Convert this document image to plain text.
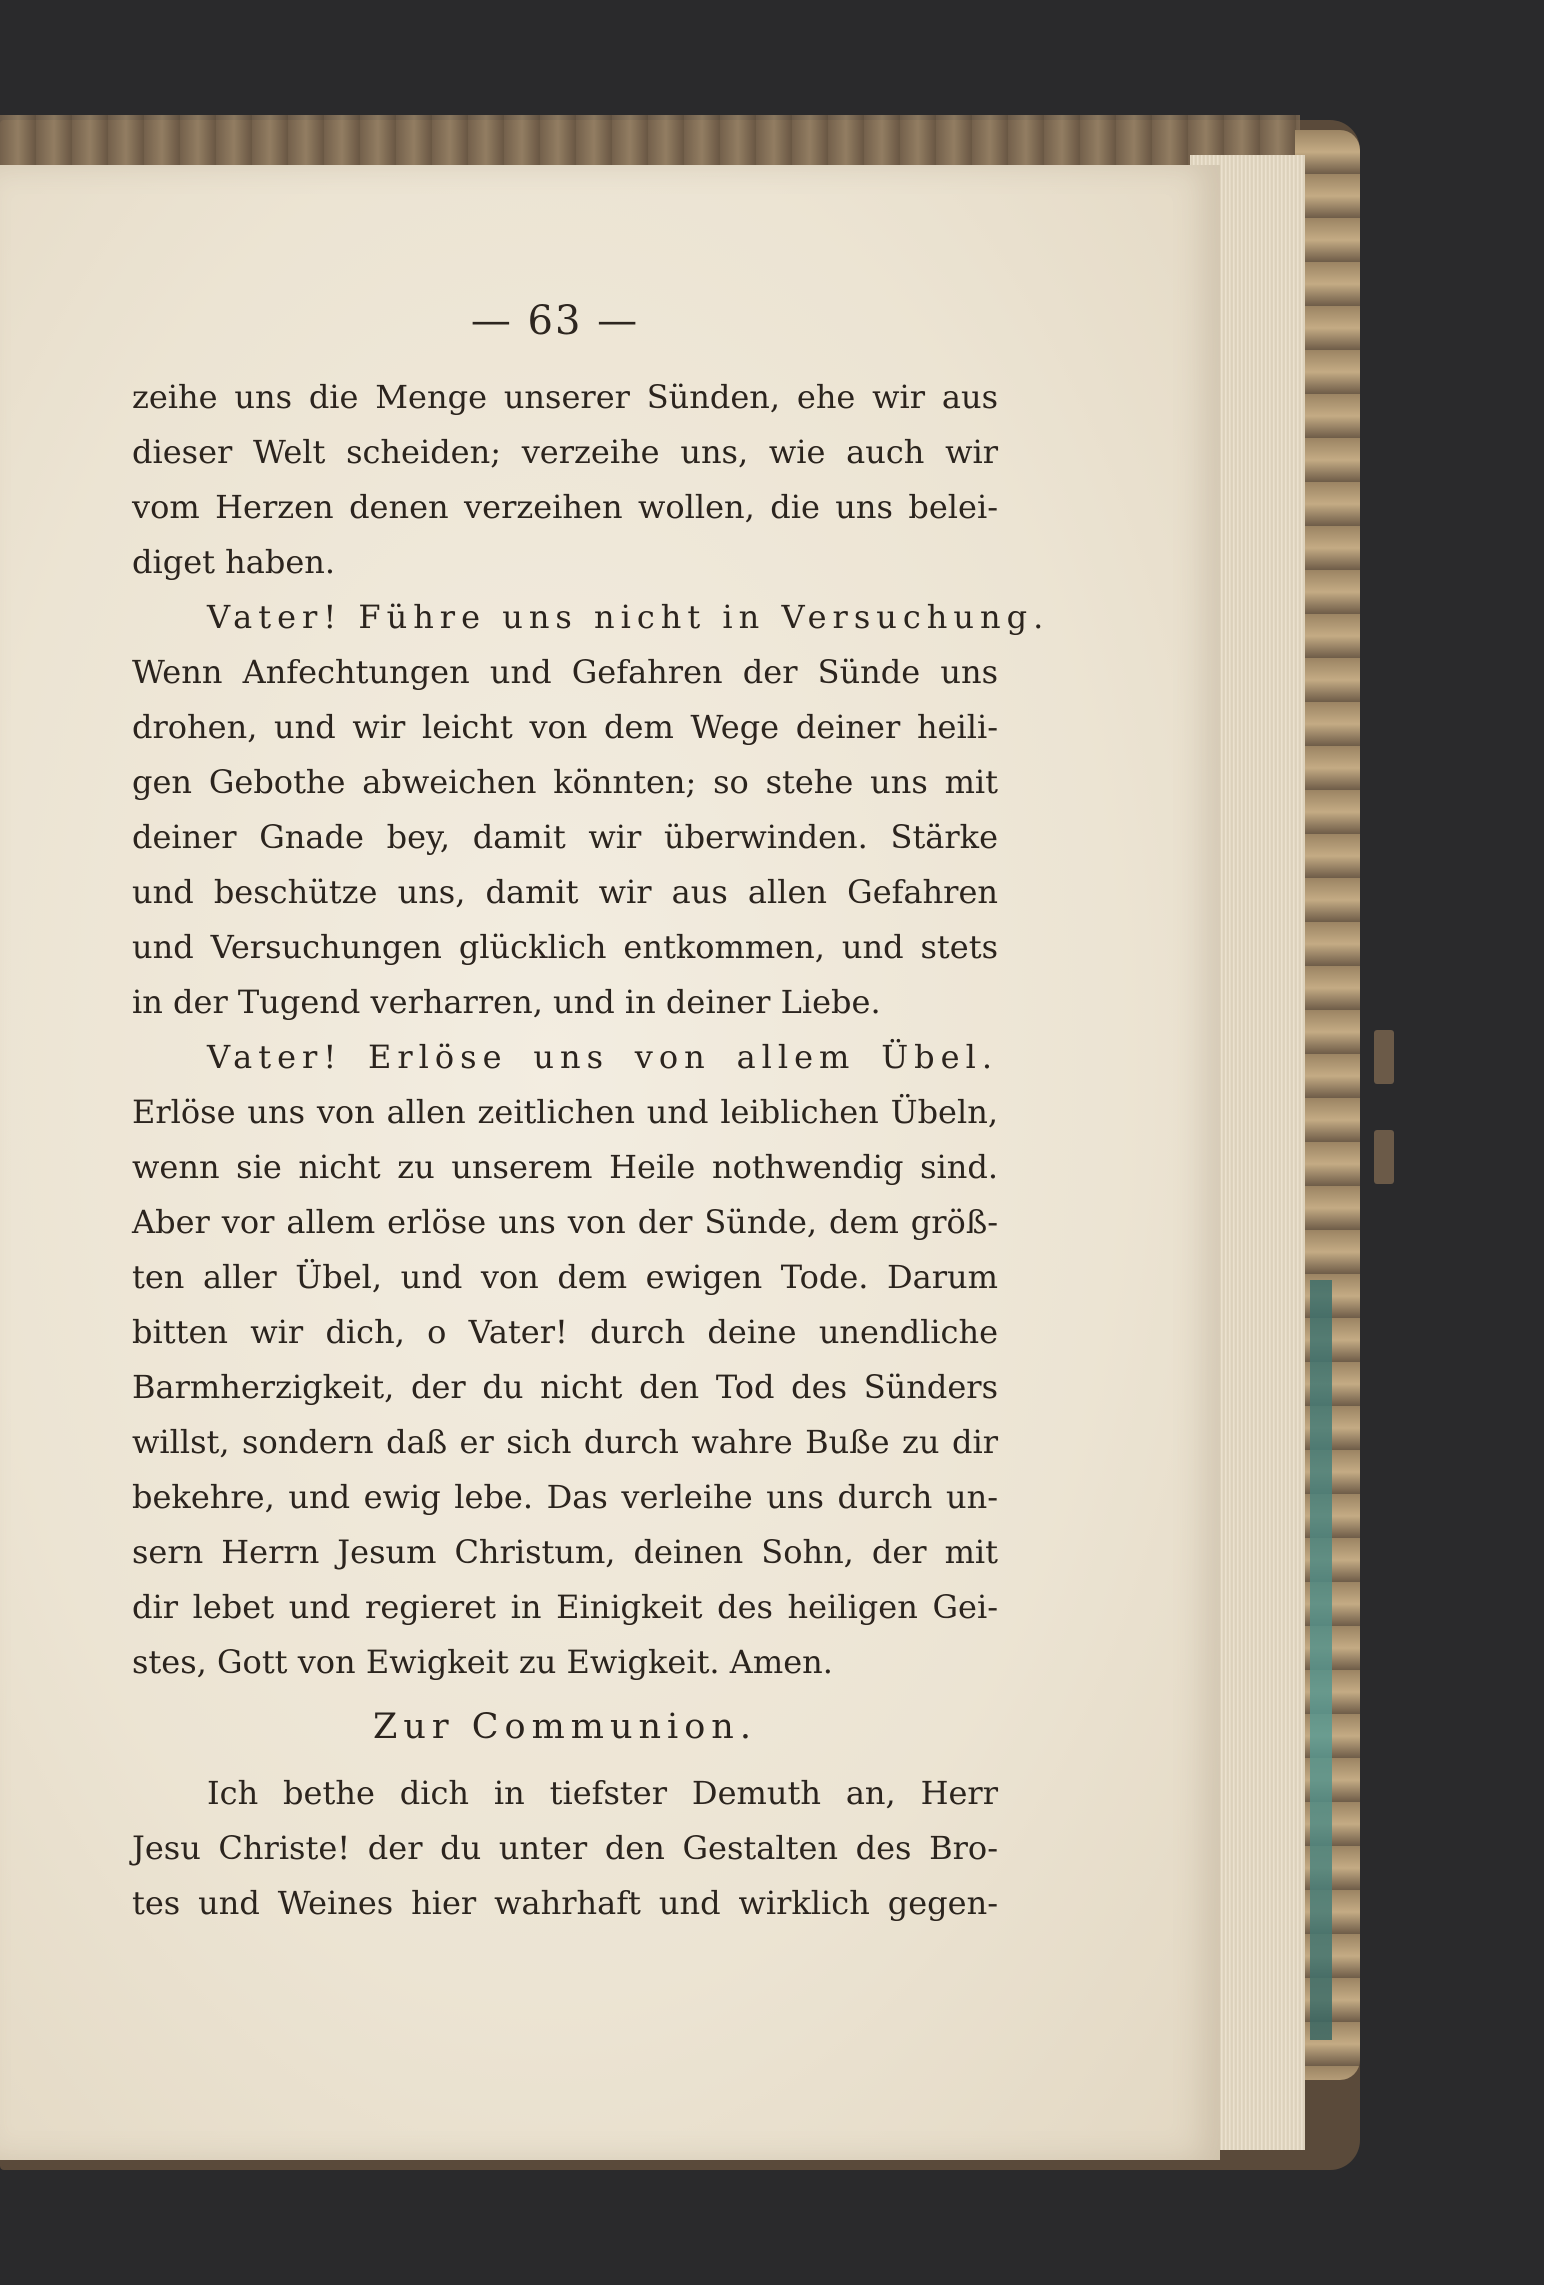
— 63 —
zeihe uns die Menge unserer Sünden, ehe wir aus
dieser Welt scheiden; verzeihe uns, wie auch wir
vom Herzen denen verzeihen wollen, die uns belei-
diget haben.
Vater! Führe uns nicht in Versuchung.
Wenn Anfechtungen und Gefahren der Sünde uns
drohen, und wir leicht von dem Wege deiner heili-
gen Gebothe abweichen könnten; so stehe uns mit
deiner Gnade bey, damit wir überwinden. Stärke
und beschütze uns, damit wir aus allen Gefahren
und Versuchungen glücklich entkommen, und stets
in der Tugend verharren, und in deiner Liebe.
Vater! Erlöse uns von allem Übel.
Erlöse uns von allen zeitlichen und leiblichen Übeln,
wenn sie nicht zu unserem Heile nothwendig sind.
Aber vor allem erlöse uns von der Sünde, dem größ-
ten aller Übel, und von dem ewigen Tode. Darum
bitten wir dich, o Vater! durch deine unendliche
Barmherzigkeit, der du nicht den Tod des Sünders
willst, sondern daß er sich durch wahre Buße zu dir
bekehre, und ewig lebe. Das verleihe uns durch un-
sern Herrn Jesum Christum, deinen Sohn, der mit
dir lebet und regieret in Einigkeit des heiligen Gei-
stes, Gott von Ewigkeit zu Ewigkeit. Amen.
Zur Communion.
Ich bethe dich in tiefster Demuth an, Herr
Jesu Christe! der du unter den Gestalten des Bro-
tes und Weines hier wahrhaft und wirklich gegen-
